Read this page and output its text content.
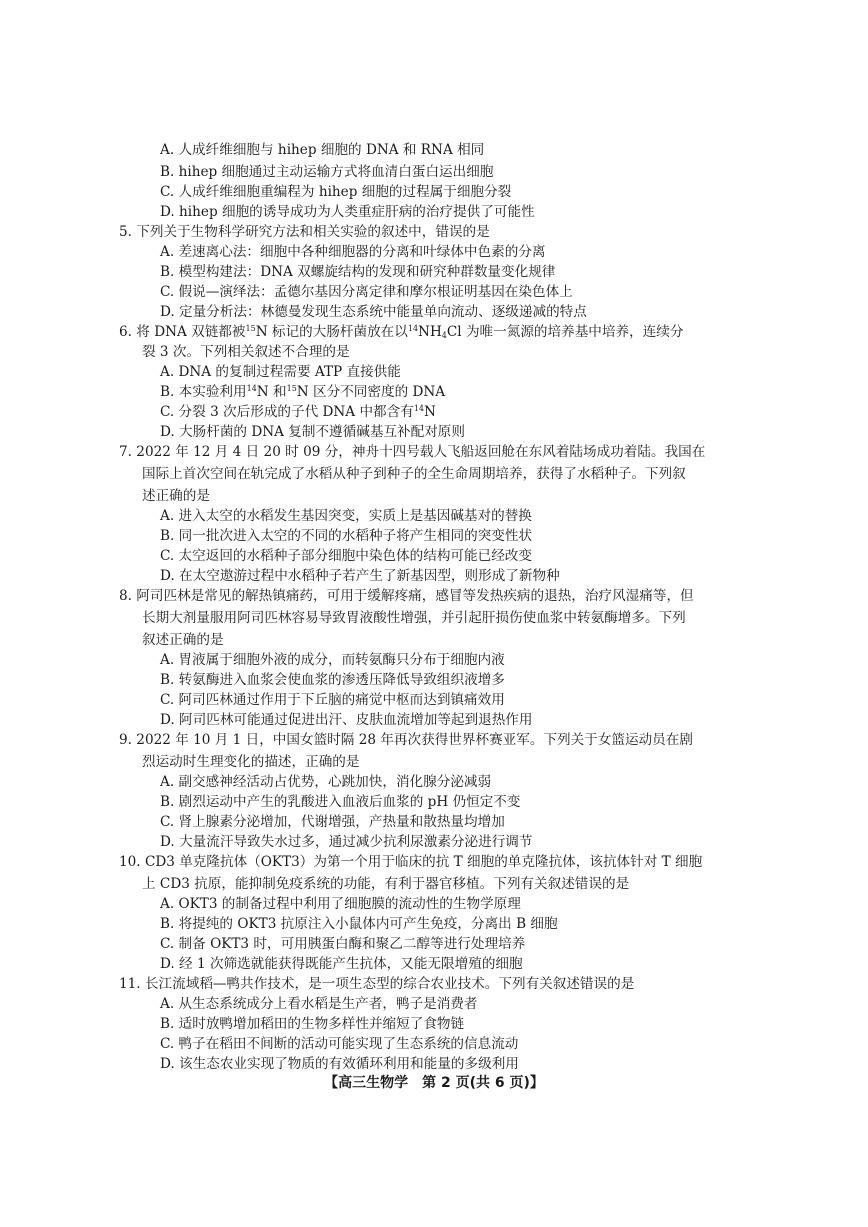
A. 人成纤维细胞与 hihep 细胞的 DNA 和 RNA 相同
B. hihep 细胞通过主动运输方式将血清白蛋白运出细胞
C. 人成纤维细胞重编程为 hihep 细胞的过程属于细胞分裂
D. hihep 细胞的诱导成功为人类重症肝病的治疗提供了可能性
5. 下列关于生物科学研究方法和相关实验的叙述中，错误的是
A. 差速离心法：细胞中各种细胞器的分离和叶绿体中色素的分离
B. 模型构建法：DNA 双螺旋结构的发现和研究种群数量变化规律
C. 假说—演绎法：孟德尔基因分离定律和摩尔根证明基因在染色体上
D. 定量分析法：林德曼发现生态系统中能量单向流动、逐级递减的特点
6. 将 DNA 双链都被$^{15}$N 标记的大肠杆菌放在以$^{14}NH_4Cl$ 为唯一氮源的培养基中培养，连续分
裂 3 次。下列相关叙述不合理的是
A. DNA 的复制过程需要 ATP 直接供能
B. 本实验利用$^{14}$N 和$^{15}$N 区分不同密度的 DNA
C. 分裂 3 次后形成的子代 DNA 中都含有$^{14}$N
D. 大肠杆菌的 DNA 复制不遵循碱基互补配对原则
7. 2022 年 12 月 4 日 20 时 09 分，神舟十四号载人飞船返回舱在东风着陆场成功着陆。我国在
国际上首次空间在轨完成了水稻从种子到种子的全生命周期培养，获得了水稻种子。下列叙
述正确的是
A. 进入太空的水稻发生基因突变，实质上是基因碱基对的替换
B. 同一批次进入太空的不同的水稻种子将产生相同的突变性状
C. 太空返回的水稻种子部分细胞中染色体的结构可能已经改变
D. 在太空遨游过程中水稻种子若产生了新基因型，则形成了新物种
8. 阿司匹林是常见的解热镇痛药，可用于缓解疼痛，感冒等发热疾病的退热，治疗风湿痛等，但
长期大剂量服用阿司匹林容易导致胃液酸性增强，并引起肝损伤使血浆中转氨酶增多。下列
叙述正确的是
A. 胃液属于细胞外液的成分，而转氨酶只分布于细胞内液
B. 转氨酶进入血浆会使血浆的渗透压降低导致组织液增多
C. 阿司匹林通过作用于下丘脑的痛觉中枢而达到镇痛效用
D. 阿司匹林可能通过促进出汗、皮肤血流增加等起到退热作用
9. 2022 年 10 月 1 日，中国女篮时隔 28 年再次获得世界杯赛亚军。下列关于女篮运动员在剧
烈运动时生理变化的描述，正确的是
A. 副交感神经活动占优势，心跳加快，消化腺分泌减弱
B. 剧烈运动中产生的乳酸进入血液后血浆的 pH 仍恒定不变
C. 肾上腺素分泌增加，代谢增强，产热量和散热量均增加
D. 大量流汗导致失水过多，通过减少抗利尿激素分泌进行调节
10. CD3 单克隆抗体（OKT3）为第一个用于临床的抗 T 细胞的单克隆抗体，该抗体针对 T 细胞
上 CD3 抗原，能抑制免疫系统的功能，有利于器官移植。下列有关叙述错误的是
A. OKT3 的制备过程中利用了细胞膜的流动性的生物学原理
B. 将提纯的 OKT3 抗原注入小鼠体内可产生免疫，分离出 B 细胞
C. 制备 OKT3 时，可用胰蛋白酶和聚乙二醇等进行处理培养
D. 经 1 次筛选就能获得既能产生抗体，又能无限增殖的细胞
11. 长江流域稻—鸭共作技术，是一项生态型的综合农业技术。下列有关叙述错误的是
A. 从生态系统成分上看水稻是生产者，鸭子是消费者
B. 适时放鸭增加稻田的生物多样性并缩短了食物链
C. 鸭子在稻田不间断的活动可能实现了生态系统的信息流动
D. 该生态农业实现了物质的有效循环利用和能量的多级利用
【高三生物学　第 2 页(共 6 页)】
